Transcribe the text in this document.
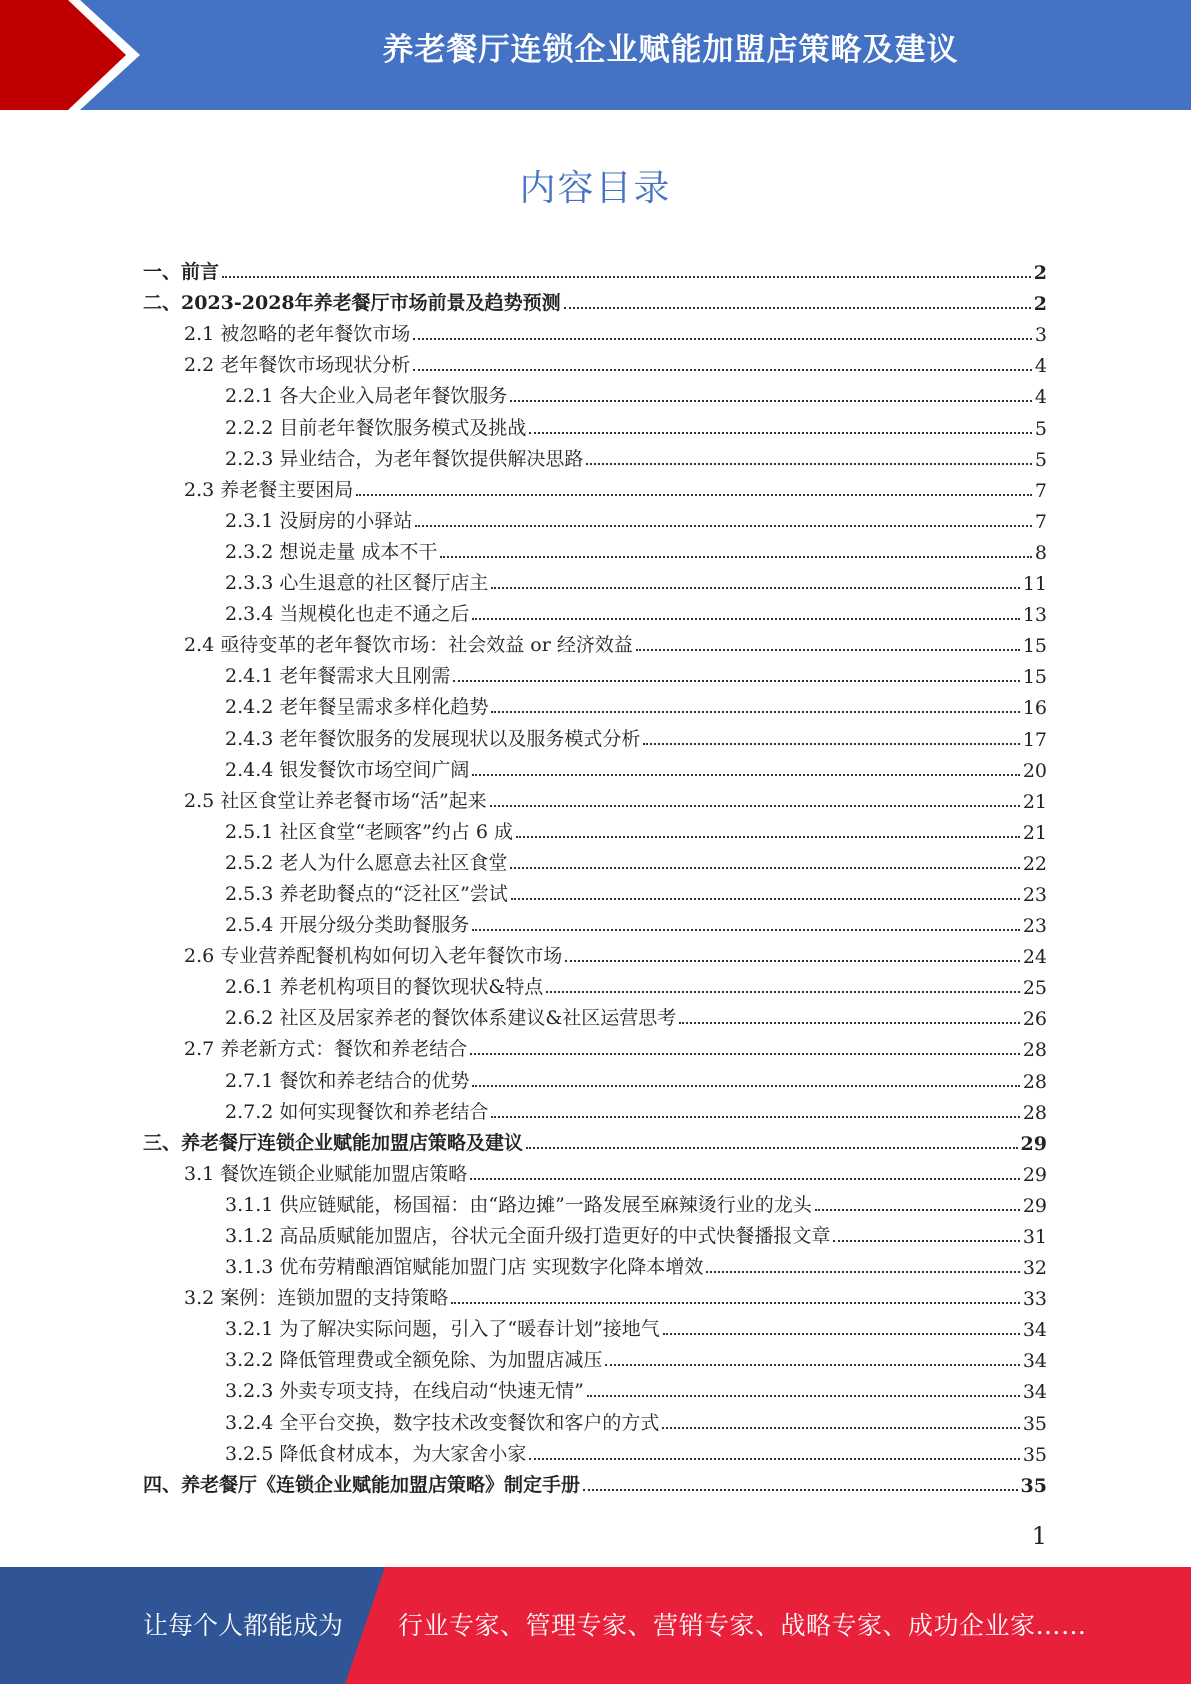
养老餐厅连锁企业赋能加盟店策略及建议
内容目录
一、前言	2
二、2023-2028年养老餐厅市场前景及趋势预测	2
2.1 被忽略的老年餐饮市场	3
2.2 老年餐饮市场现状分析	4
2.2.1 各大企业入局老年餐饮服务	4
2.2.2 目前老年餐饮服务模式及挑战	5
2.2.3 异业结合，为老年餐饮提供解决思路	5
2.3 养老餐主要困局	7
2.3.1 没厨房的小驿站	7
2.3.2 想说走量 成本不干	8
2.3.3 心生退意的社区餐厅店主	11
2.3.4 当规模化也走不通之后	13
2.4 亟待变革的老年餐饮市场：社会效益 or 经济效益	15
2.4.1 老年餐需求大且刚需	15
2.4.2 老年餐呈需求多样化趋势	16
2.4.3 老年餐饮服务的发展现状以及服务模式分析	17
2.4.4 银发餐饮市场空间广阔	20
2.5 社区食堂让养老餐市场“活”起来	21
2.5.1 社区食堂“老顾客”约占 6 成	21
2.5.2 老人为什么愿意去社区食堂	22
2.5.3 养老助餐点的“泛社区”尝试	23
2.5.4 开展分级分类助餐服务	23
2.6 专业营养配餐机构如何切入老年餐饮市场	24
2.6.1 养老机构项目的餐饮现状&特点	25
2.6.2 社区及居家养老的餐饮体系建议&社区运营思考	26
2.7 养老新方式：餐饮和养老结合	28
2.7.1 餐饮和养老结合的优势	28
2.7.2 如何实现餐饮和养老结合	28
三、养老餐厅连锁企业赋能加盟店策略及建议	29
3.1 餐饮连锁企业赋能加盟店策略	29
3.1.1 供应链赋能，杨国福：由“路边摊”一路发展至麻辣烫行业的龙头	29
3.1.2 高品质赋能加盟店，谷状元全面升级打造更好的中式快餐播报文章	31
3.1.3 优布劳精酿酒馆赋能加盟门店 实现数字化降本增效	32
3.2 案例：连锁加盟的支持策略	33
3.2.1 为了解决实际问题，引入了“暖春计划”接地气	34
3.2.2 降低管理费或全额免除、为加盟店减压	34
3.2.3 外卖专项支持，在线启动“快速无情”	34
3.2.4 全平台交换，数字技术改变餐饮和客户的方式	35
3.2.5 降低食材成本，为大家舍小家	35
四、养老餐厅《连锁企业赋能加盟店策略》制定手册	35
1
让每个人都能成为 行业专家、管理专家、营销专家、战略专家、成功企业家……
